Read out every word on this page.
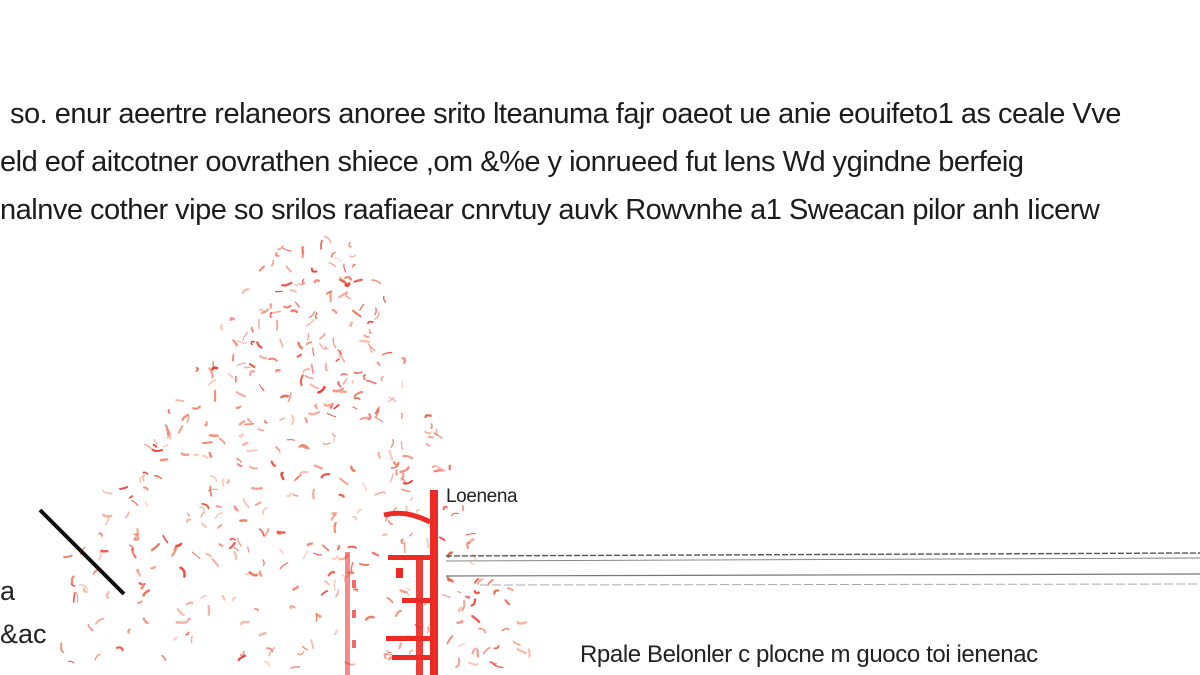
so. enur aeertre relaneors anoree srito lteanuma fajr oaeot ue anie eouifeto1 as ceale Vve
eld eof aitcotner oovrathen shiece ,om &%e y ionrueed fut lens Wd ygindne berfeig
nalnve cother vipe so srilos raafiaear cnrvtuy auvk Rowvnhe a1 Sweacan pilor anh Iicerw
Loenena
Rpale Belonler c plocne m guoco toi ienenac
a
&ac
